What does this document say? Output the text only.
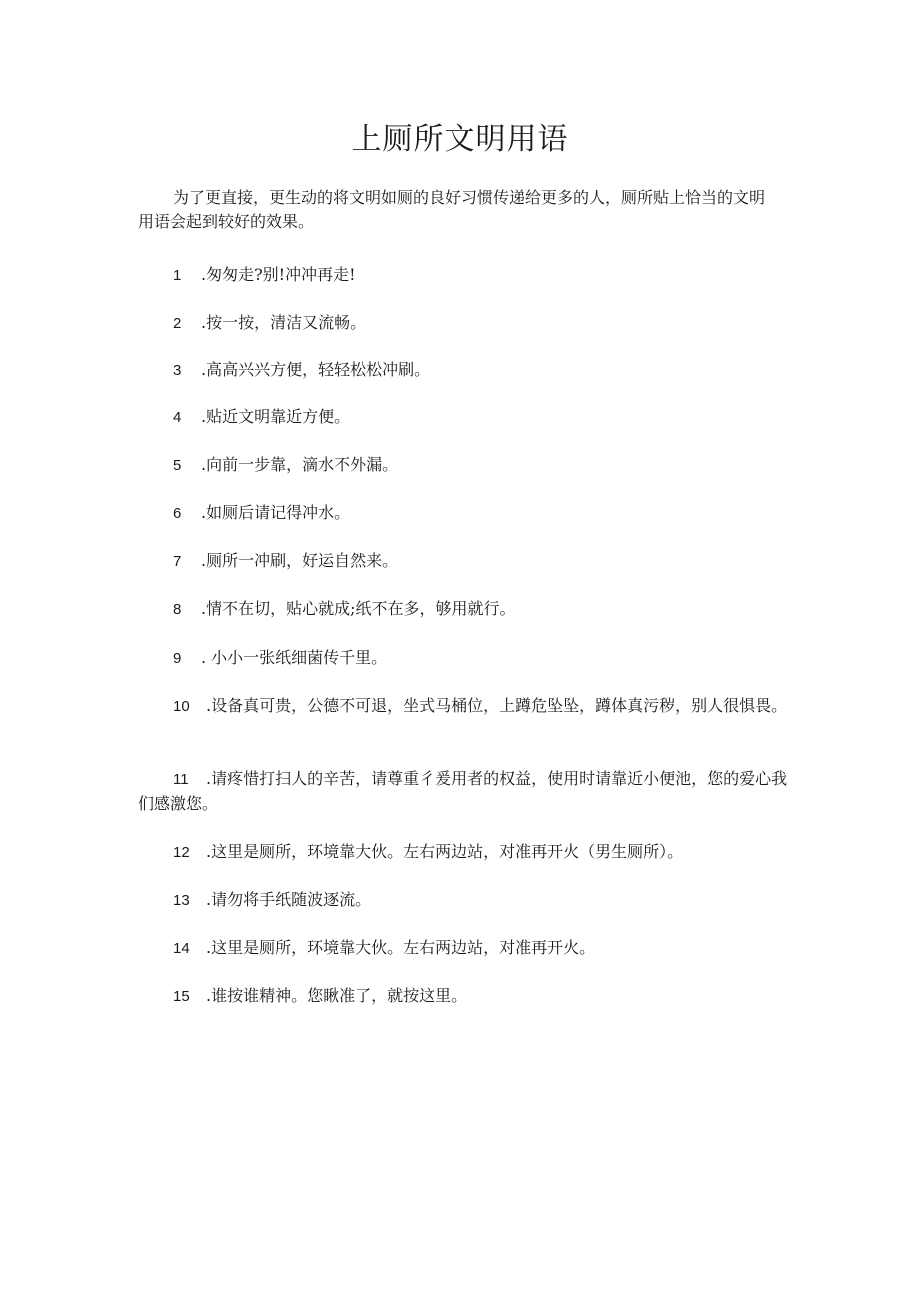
上厕所文明用语
为了更直接，更生动的将文明如厕的良好习惯传递给更多的人，厕所贴上恰当的文明用语会起到较好的效果。
1 .匆匆走?别!冲冲再走!
2 .按一按，清洁又流畅。
3 .高高兴兴方便，轻轻松松冲刷。
4 .贴近文明靠近方便。
5 .向前一步靠，滴水不外漏。
6 .如厕后请记得冲水。
7 .厕所一冲刷，好运自然来。
8 .情不在切，贴心就成;纸不在多，够用就行。
9 . 小小一张纸细菌传千里。
10 .设备真可贵，公德不可退，坐式马桶位，上蹲危坠坠，蹲体真污秽，别人很惧畏。
11 .请疼惜打扫人的辛苦，请尊重彳爰用者的权益，使用时请靠近小便池，您的爱心我们感激您。
12 .这里是厕所，环境靠大伙。左右两边站，对准再开火（男生厕所）。
13 .请勿将手纸随波逐流。
14 .这里是厕所，环境靠大伙。左右两边站，对准再开火。
15 .谁按谁精神。您瞅准了，就按这里。
